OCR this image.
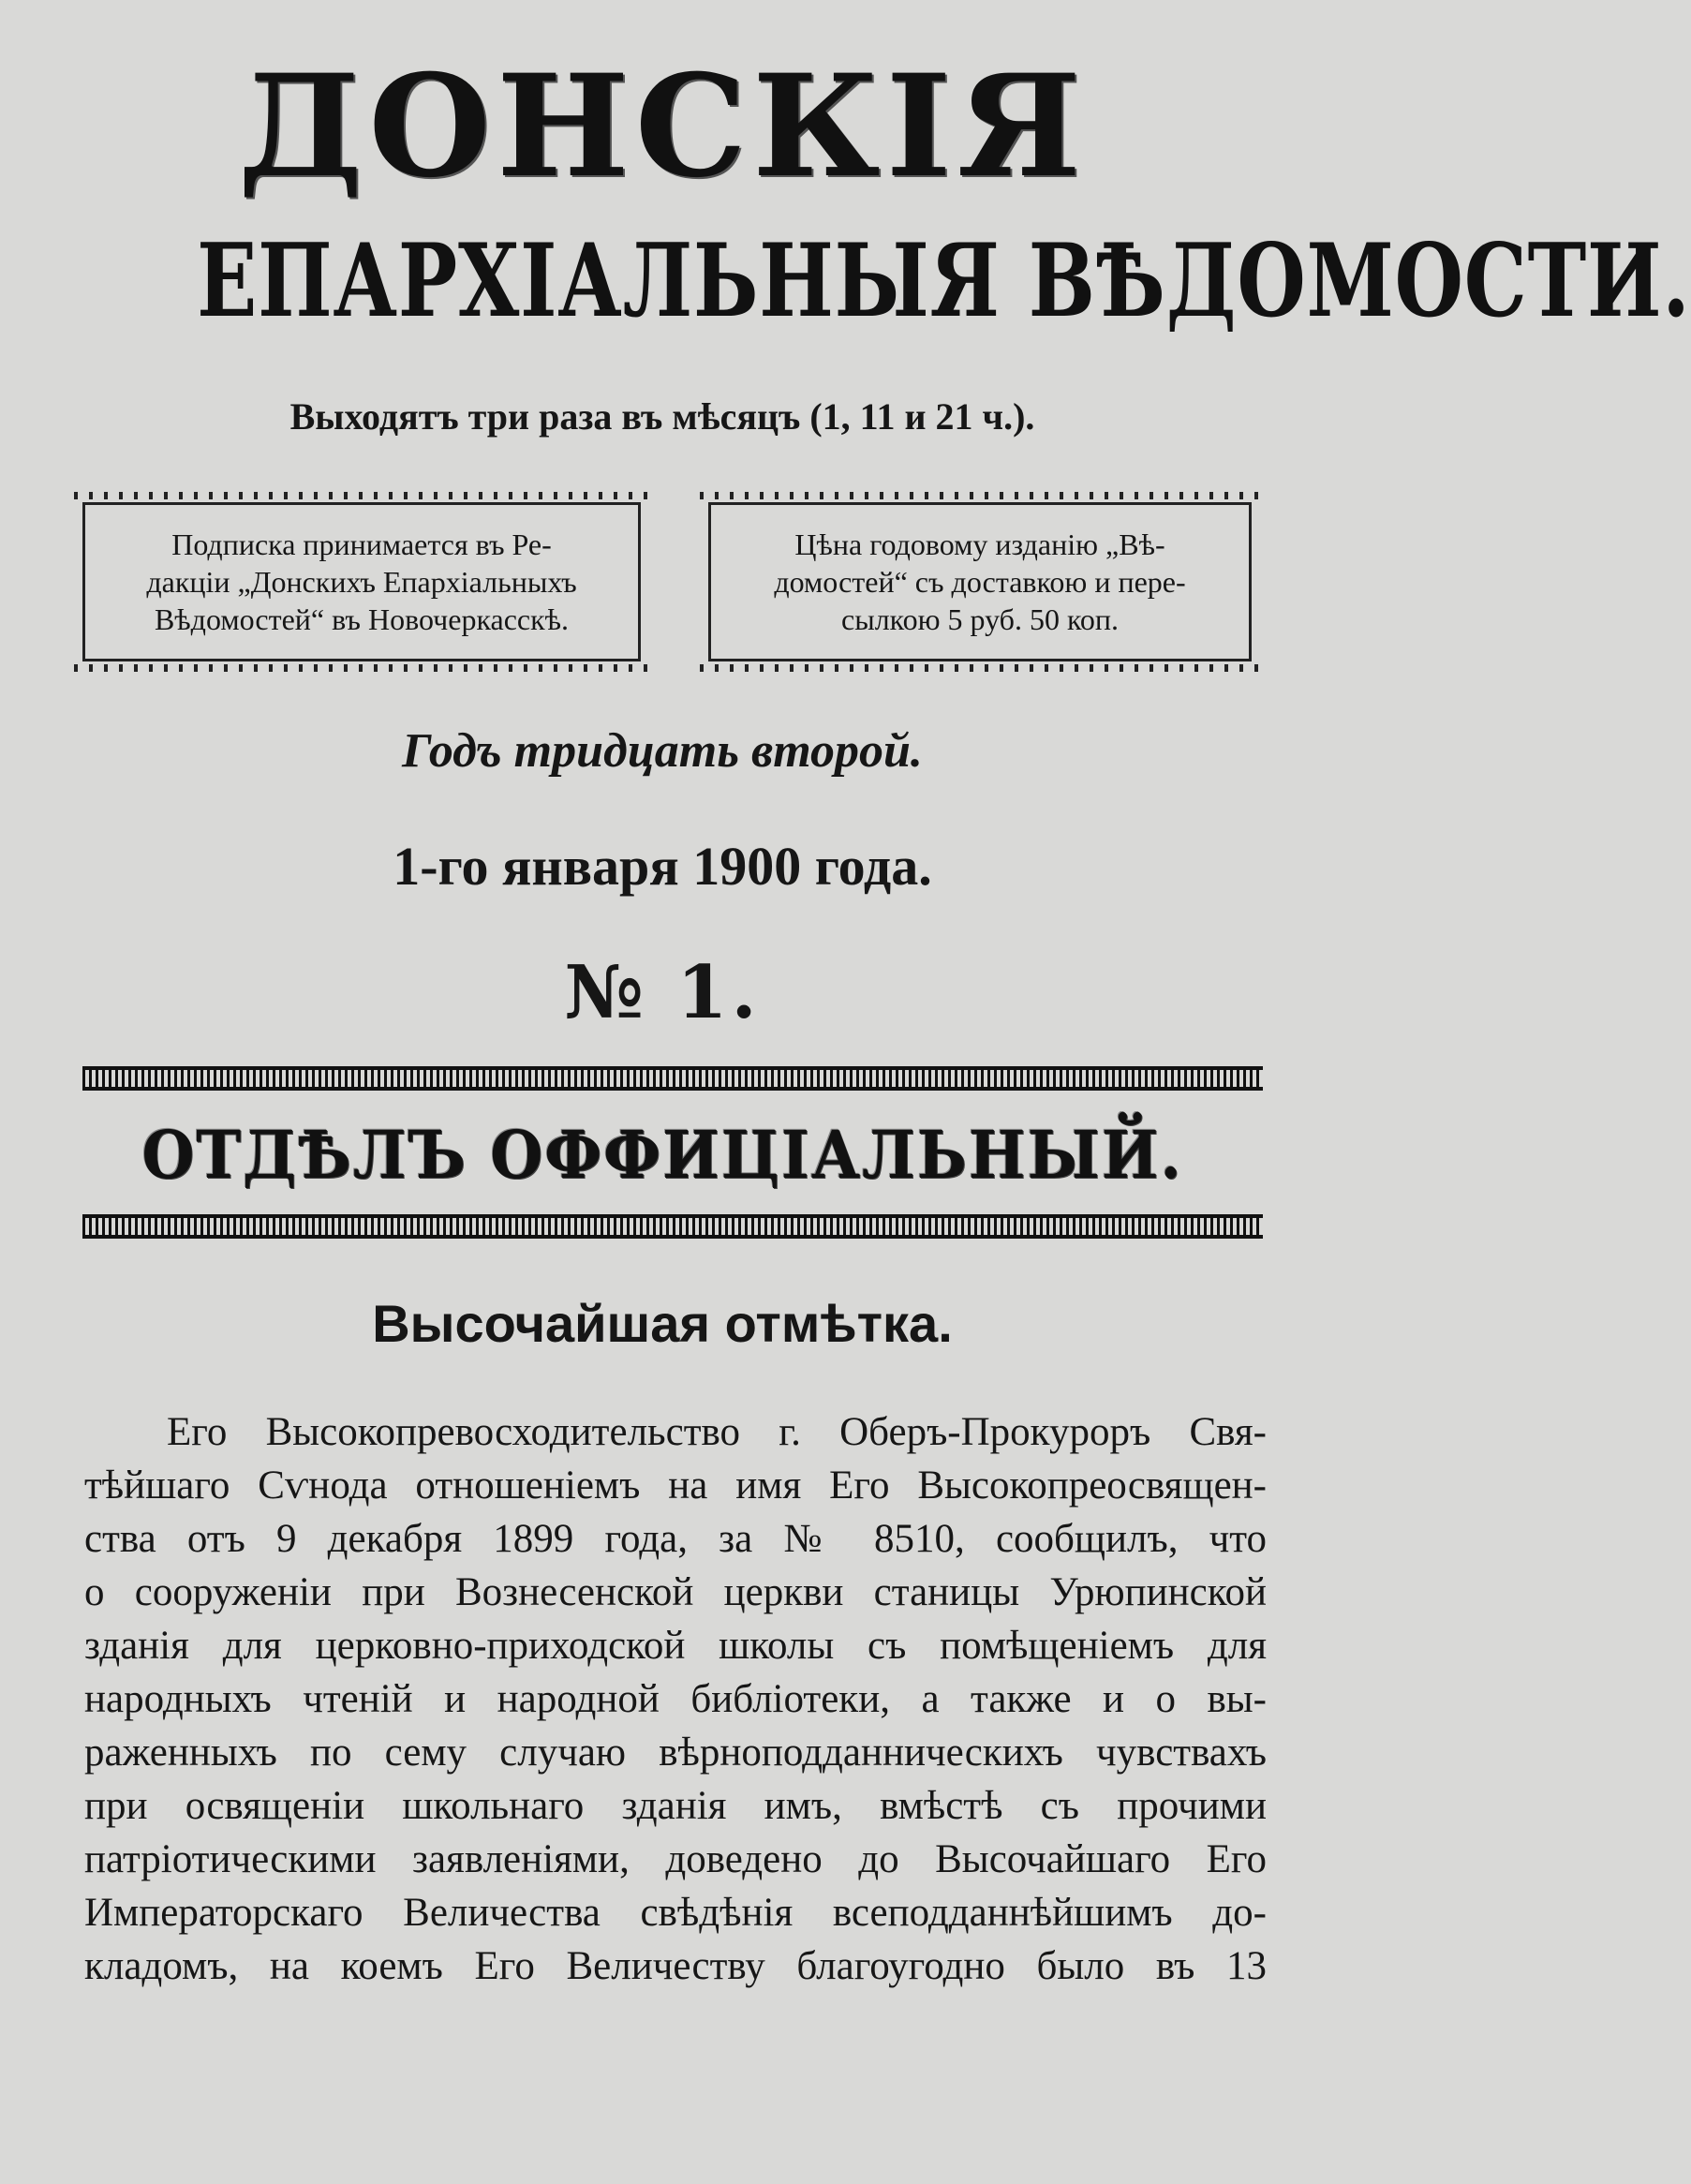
ДОНСКІЯ
ЕПАРХІАЛЬНЫЯ ВѢДОМОСТИ.
Выходятъ три раза въ мѣсяцъ (1, 11 и 21 ч.).
Подписка принимается въ Ре-
дакціи „Донскихъ Епархіальныхъ
Вѣдомостей“ въ Новочеркасскѣ.
Цѣна годовому изданію „Вѣ-
домостей“ съ доставкою и пере-
сылкою 5 руб. 50 коп.
Годъ тридцать второй.
1-го января 1900 года.
№ 1.
ОТДѢЛЪ ОФФИЦІАЛЬНЫЙ.
Высочайшая отмѣтка.
Его Высокопревосходительство г. Оберъ-Прокуроръ Свя-
тѣйшаго Сѵнода отношеніемъ на имя Его Высокопреосвящен-
ства отъ 9 декабря 1899 года, за № 8510, сообщилъ, что
о сооруженіи при Вознесенской церкви станицы Урюпинской
зданія для церковно-приходской школы съ помѣщеніемъ для
народныхъ чтеній и народной библіотеки, а также и о вы-
раженныхъ по сему случаю вѣрноподданническихъ чувствахъ
при освященіи школьнаго зданія имъ, вмѣстѣ съ прочими
патріотическими заявленіями, доведено до Высочайшаго Его
Императорскаго Величества свѣдѣнія всеподданнѣйшимъ до-
кладомъ, на коемъ Его Величеству благоугодно было въ 13
